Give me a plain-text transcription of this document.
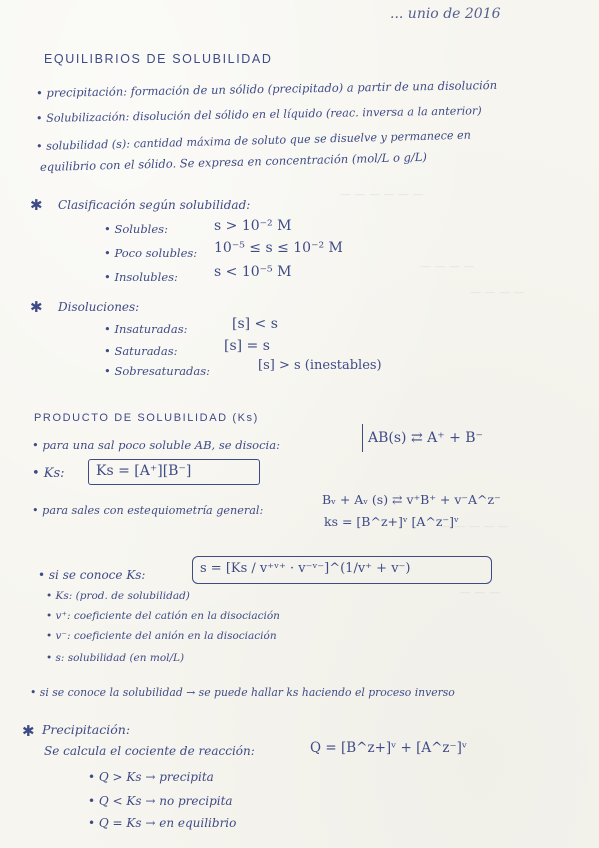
— — — — — —
— — — —
— — — —
— — — — —
— — —
... unio de 2016
EQUILIBRIOS DE SOLUBILIDAD
• precipitación: formación de un sólido (precipitado) a partir de una disolución
• Solubilización: disolución del sólido en el líquido (reac. inversa a la anterior)
• solubilidad (s): cantidad máxima de soluto que se disuelve y permanece en
equilibrio con el sólido. Se expresa en concentración (mol/L o g/L)
✱ Clasificación según solubilidad:
• Solubles:	s > 10⁻² M
• Poco solubles: 10⁻⁵ ≤ s ≤ 10⁻² M
• Insolubles:	s < 10⁻⁵ M
✱ Disoluciones:
• Insaturadas:	[s] < s
• Saturadas:	[s] = s
• Sobresaturadas:	[s] > s (inestables)
PRODUCTO DE SOLUBILIDAD (Ks)
• para una sal poco soluble AB, se disocia:	AB(s) ⇄ A⁺ + B⁻
• Ks: Ks = [A⁺][B⁻]
• para sales con estequiometría general:
Bᵥ + Aᵥ (s) ⇄ v⁺B⁺ + v⁻A^z⁻
ks = [B^z+]ᵛ [A^z⁻]ᵛ
• si se conoce Ks:	s = [Ks / v⁺ᵛ⁺ · v⁻ᵛ⁻]^(1/v⁺ + v⁻)
• Ks: (prod. de solubilidad)
• v⁺: coeficiente del catión en la disociación
• v⁻: coeficiente del anión en la disociación
• s: solubilidad (en mol/L)
• si se conoce la solubilidad → se puede hallar ks haciendo el proceso inverso
✱ Precipitación:
Se calcula el cociente de reacción:	Q = [B^z+]ᵛ + [A^z⁻]ᵛ
• Q > Ks → precipita
• Q < Ks → no precipita
• Q = Ks → en equilibrio
